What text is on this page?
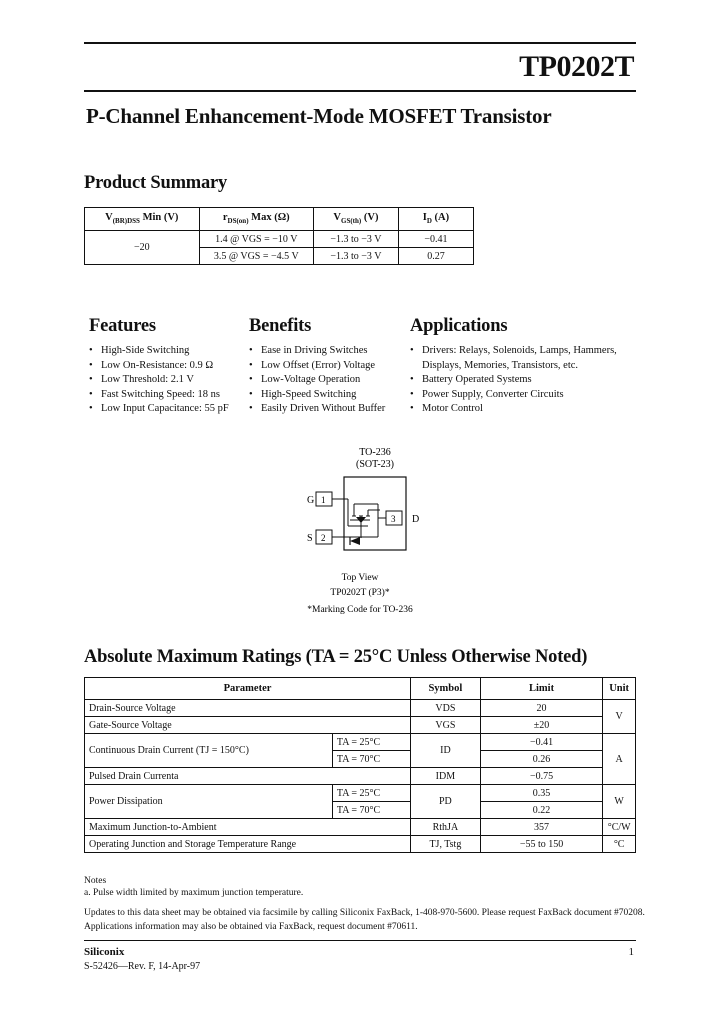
TP0202T
P-Channel Enhancement-Mode MOSFET Transistor
Product Summary
$V_{(BR)DSS}$ Min (V)	$r_{DS(on)}$ Max (Ω)	$V_{GS(th)}$ (V)	$I_D$ (A)
−20	1.4 @ VGS = −10 V	−1.3 to −3 V	−0.41
	3.5 @ VGS = −4.5 V	−1.3 to −3 V	0.27
Features
• High-Side Switching
• Low On-Resistance: 0.9 Ω
• Low Threshold: 2.1 V
• Fast Switching Speed: 18 ns
• Low Input Capacitance: 55 pF
Benefits
• Ease in Driving Switches
• Low Offset (Error) Voltage
• Low-Voltage Operation
• High-Speed Switching
• Easily Driven Without Buffer
Applications
• Drivers: Relays, Solenoids, Lamps, Hammers, Displays, Memories, Transistors, etc.
• Battery Operated Systems
• Power Supply, Converter Circuits
• Motor Control
TO-236
(SOT-23)
G
S
D
1
2
3
Top View
TP0202T (P3)*
*Marking Code for TO-236
Absolute Maximum Ratings (TA = 25°C Unless Otherwise Noted)
Parameter		Symbol	Limit	Unit
Drain-Source Voltage		VDS	20	V
Gate-Source Voltage		VGS	±20	
Continuous Drain Current (TJ = 150°C)	TA = 25°C	ID	−0.41	A
	TA = 70°C		0.26	
Pulsed Drain Currenta		IDM	−0.75	
Power Dissipation	TA = 25°C	PD	0.35	W
	TA = 70°C		0.22	
Maximum Junction-to-Ambient		RthJA	357	°C/W
Operating Junction and Storage Temperature Range		TJ, Tstg	−55 to 150	°C
Notes
a. Pulse width limited by maximum junction temperature.
Updates to this data sheet may be obtained via facsimile by calling Siliconix FaxBack, 1-408-970-5600. Please request FaxBack document #70208.
Applications information may also be obtained via FaxBack, request document #70611.
Siliconix
S-52426—Rev. F, 14-Apr-97
1
